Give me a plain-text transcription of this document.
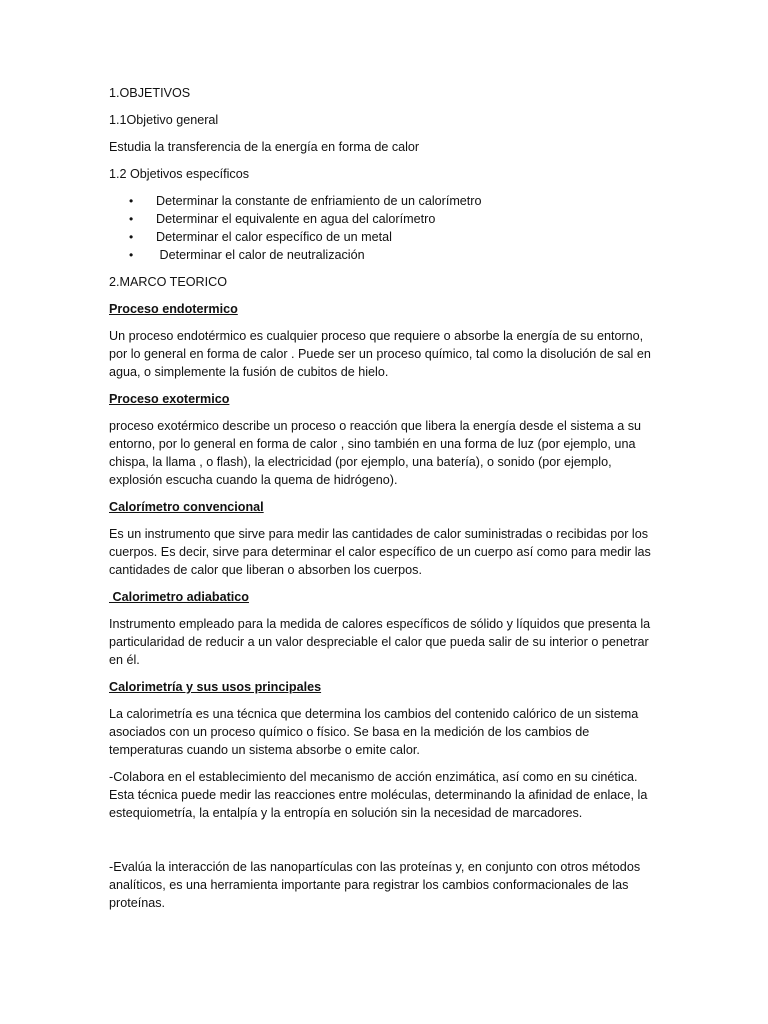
1.OBJETIVOS

1.1Objetivo general

Estudia la transferencia de la energía en forma de calor

1.2 Objetivos específicos

• Determinar la constante de enfriamiento de un calorímetro
• Determinar el equivalente en agua del calorímetro
• Determinar el calor específico de un metal
• Determinar el calor de neutralización

2.MARCO TEORICO

Proceso endotermico

Un proceso endotérmico es cualquier proceso que requiere o absorbe la energía de su entorno, por lo general en forma de calor . Puede ser un proceso químico, tal como la disolución de sal en agua, o simplemente la fusión de cubitos de hielo.

Proceso exotermico

proceso exotérmico describe un proceso o reacción que libera la energía desde el sistema a su entorno, por lo general en forma de calor , sino también en una forma de luz (por ejemplo, una chispa, la llama , o flash), la electricidad (por ejemplo, una batería), o sonido (por ejemplo, explosión escucha cuando la quema de hidrógeno).

Calorímetro convencional

Es un instrumento que sirve para medir las cantidades de calor suministradas o recibidas por los cuerpos. Es decir, sirve para determinar el calor específico de un cuerpo así como para medir las cantidades de calor que liberan o absorben los cuerpos.

Calorimetro adiabatico

Instrumento empleado para la medida de calores específicos de sólido y líquidos que presenta la particularidad de reducir a un valor despreciable el calor que pueda salir de su interior o penetrar en él.

Calorimetría y sus usos principales

La calorimetría es una técnica que determina los cambios del contenido calórico de un sistema asociados con un proceso químico o físico. Se basa en la medición de los cambios de temperaturas cuando un sistema absorbe o emite calor.

-Colabora en el establecimiento del mecanismo de acción enzimática, así como en su cinética. Esta técnica puede medir las reacciones entre moléculas, determinando la afinidad de enlace, la estequiometría, la entalpía y la entropía en solución sin la necesidad de marcadores.

-Evalúa la interacción de las nanopartículas con las proteínas y, en conjunto con otros métodos analíticos, es una herramienta importante para registrar los cambios conformacionales de las proteínas.
